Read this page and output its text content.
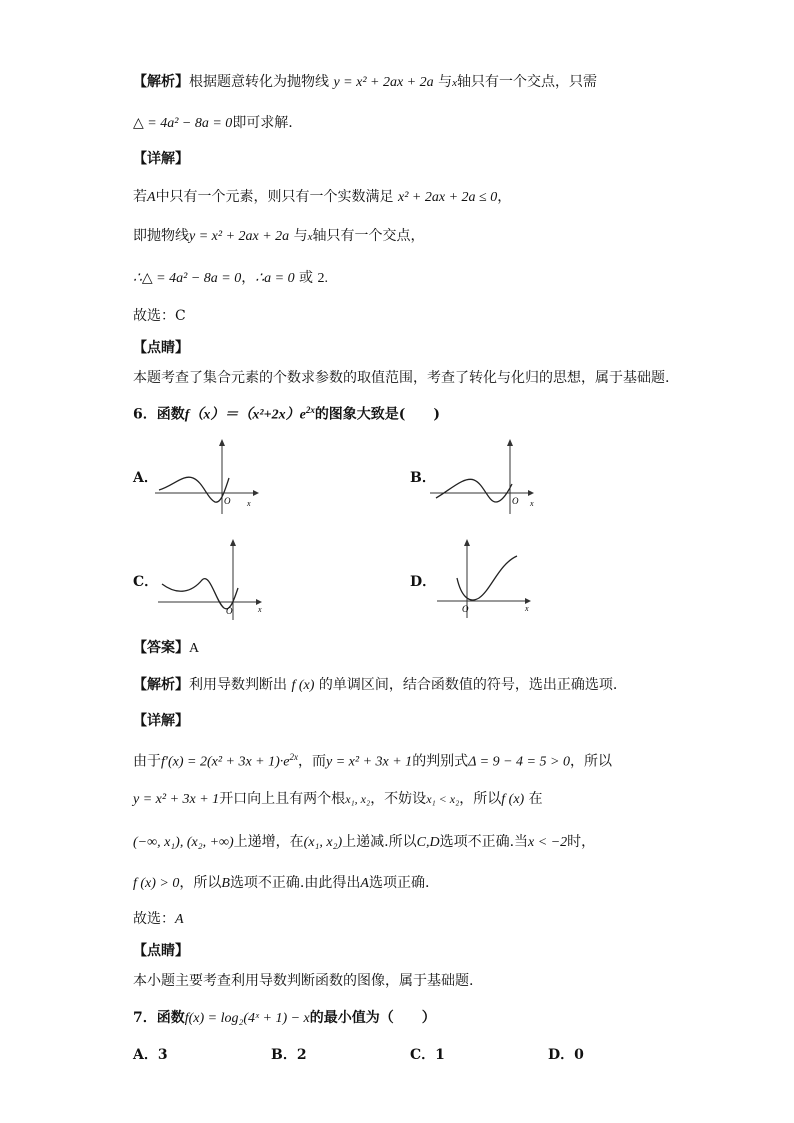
【解析】根据题意转化为抛物线 y = x² + 2ax + 2a 与x轴只有一个交点，只需
△ = 4a² − 8a = 0即可求解.
【详解】
若A中只有一个元素，则只有一个实数满足 x² + 2ax + 2a ≤ 0，
即抛物线y = x² + 2ax + 2a 与x轴只有一个交点，
∴△ = 4a² − 8a = 0，∴a = 0 或 2.
故选：C
【点睛】
本题考查了集合元素的个数求参数的取值范围，考查了转化与化归的思想，属于基础题.
6．函数$f(x)=(x^2+2x)e^{2x}$的图象大致是(　　)
A．	B．
C．	D．
O x	O x
O	x	O	x
【答案】A
【解析】利用导数判断出 f (x) 的单调区间，结合函数值的符号，选出正确选项.
【详解】
由于$f'(x) = 2(x^2 + 3x + 1)\cdot e^{2x}$，而y = x² + 3x + 1的判别式Δ = 9 − 4 = 5 > 0，所以
y = x² + 3x + 1开口向上且有两个根x₁, x₂，不妨设x₁ < x₂，所以f (x) 在
(−∞, x₁), (x₂, +∞)上递增，在(x₁, x₂)上递减.所以C,D选项不正确.当x < −2时，
f (x) > 0，所以B选项不正确.由此得出A选项正确.
故选：A
【点睛】
本小题主要考查利用导数判断函数的图像，属于基础题.
7．函数f(x) = log₂(4ˣ + 1) − x的最小值为（　　）
A．3	B．2	C．1	D．0
